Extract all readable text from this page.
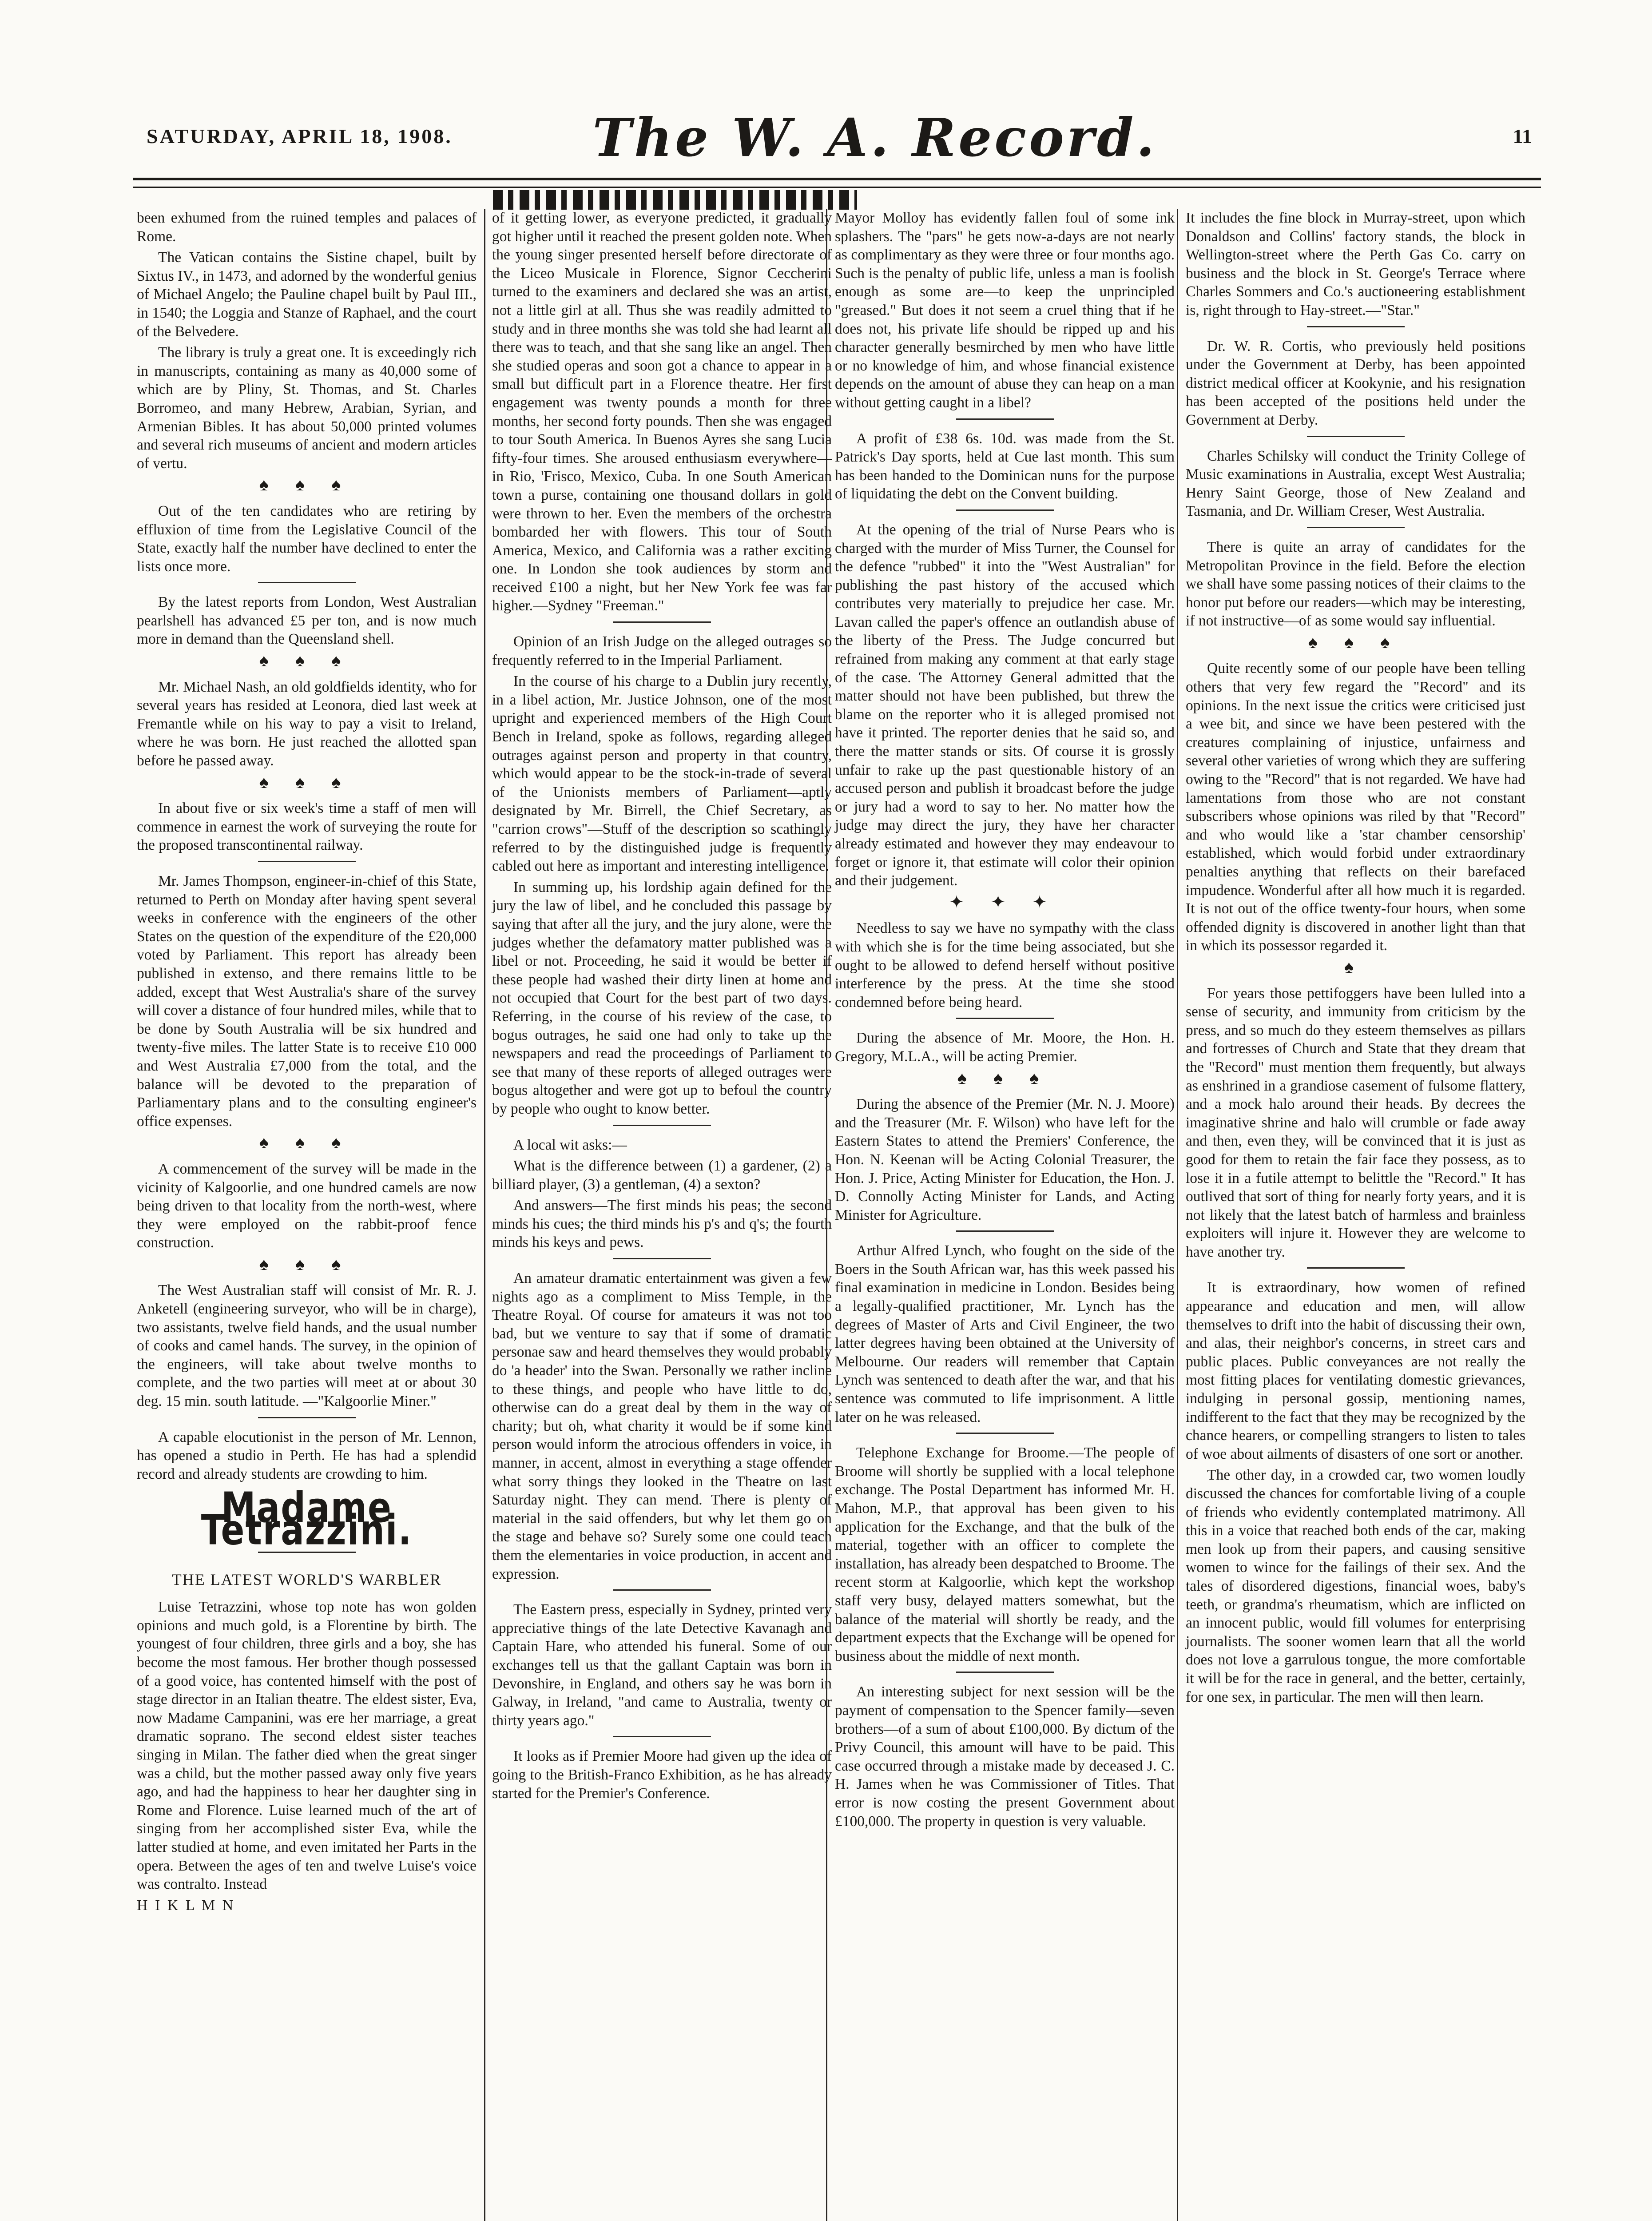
SATURDAY, APRIL 18, 1908.	The W. A. Record.	11

been exhumed from the ruined temples and palaces of Rome.

The Vatican contains the Sistine chapel, built by Sixtus IV., in 1473, and adorned by the wonderful genius of Michael Angelo; the Pauline chapel built by Paul III., in 1540; the Loggia and Stanze of Raphael, and the court of the Belvedere.

The library is truly a great one. It is exceedingly rich in manuscripts, containing as many as 40,000 some of which are by Pliny, St. Thomas, and St. Charles Borromeo, and many Hebrew, Arabian, Syrian, and Armenian Bibles. It has about 50,000 printed volumes and several rich museums of ancient and modern articles of vertu.

♠♠♠

Out of the ten candidates who are retiring by effluxion of time from the Legislative Council of the State, exactly half the number have declined to enter the lists once more.

By the latest reports from London, West Australian pearlshell has advanced £5 per ton, and is now much more in demand than the Queensland shell.

♠♠♠

Mr. Michael Nash, an old goldfields identity, who for several years has resided at Leonora, died last week at Fremantle while on his way to pay a visit to Ireland, where he was born. He just reached the allotted span before he passed away.

♠♠♠

In about five or six week's time a staff of men will commence in earnest the work of surveying the route for the proposed transcontinental railway.

Mr. James Thompson, engineer-in-chief of this State, returned to Perth on Monday after having spent several weeks in conference with the engineers of the other States on the question of the expenditure of the £20,000 voted by Parliament. This report has already been published in extenso, and there remains little to be added, except that West Australia's share of the survey will cover a distance of four hundred miles, while that to be done by South Australia will be six hundred and twenty-five miles. The latter State is to receive £10 000 and West Australia £7,000 from the total, and the balance will be devoted to the preparation of Parliamentary plans and to the consulting engineer's office expenses.

♠♠♠

A commencement of the survey will be made in the vicinity of Kalgoorlie, and one hundred camels are now being driven to that locality from the north-west, where they were employed on the rabbit-proof fence construction.

♠♠♠

The West Australian staff will consist of Mr. R. J. Anketell (engineering surveyor, who will be in charge), two assistants, twelve field hands, and the usual number of cooks and camel hands. The survey, in the opinion of the engineers, will take about twelve months to complete, and the two parties will meet at or about 30 deg. 15 min. south latitude. —"Kalgoorlie Miner."

A capable elocutionist in the person of Mr. Lennon, has opened a studio in Perth. He has had a splendid record and already students are crowding to him.

Madame Tetrazzini.
THE LATEST WORLD'S WARBLER

Luise Tetrazzini, whose top note has won golden opinions and much gold, is a Florentine by birth. The youngest of four children, three girls and a boy, she has become the most famous. Her brother though possessed of a good voice, has contented himself with the post of stage director in an Italian theatre. The eldest sister, Eva, now Madame Campanini, was ere her marriage, a great dramatic soprano. The second eldest sister teaches singing in Milan. The father died when the great singer was a child, but the mother passed away only five years ago, and had the happiness to hear her daughter sing in Rome and Florence. Luise learned much of the art of singing from her accomplished sister Eva, while the latter studied at home, and even imitated her Parts in the opera. Between the ages of ten and twelve Luise's voice was contralto. Instead

H I K L M N

of it getting lower, as everyone predicted, it gradually got higher until it reached the present golden note. When the young singer presented herself before directorate of the Liceo Musicale in Florence, Signor Ceccherini turned to the examiners and declared she was an artist, not a little girl at all. Thus she was readily admitted to study and in three months she was told she had learnt all there was to teach, and that she sang like an angel. Then she studied operas and soon got a chance to appear in a small but difficult part in a Florence theatre. Her first engagement was twenty pounds a month for three months, her second forty pounds. Then she was engaged to tour South America. In Buenos Ayres she sang Lucia fifty-four times. She aroused enthusiasm everywhere—in Rio, 'Frisco, Mexico, Cuba. In one South American town a purse, containing one thousand dollars in gold were thrown to her. Even the members of the orchestra bombarded her with flowers. This tour of South America, Mexico, and California was a rather exciting one. In London she took audiences by storm and received £100 a night, but her New York fee was far higher.—Sydney "Freeman."

Opinion of an Irish Judge on the alleged outrages so frequently referred to in the Imperial Parliament.

In the course of his charge to a Dublin jury recently, in a libel action, Mr. Justice Johnson, one of the most upright and experienced members of the High Court Bench in Ireland, spoke as follows, regarding alleged outrages against person and property in that country, which would appear to be the stock-in-trade of several of the Unionists members of Parliament—aptly designated by Mr. Birrell, the Chief Secretary, as "carrion crows"—Stuff of the description so scathingly referred to by the distinguished judge is frequently cabled out here as important and interesting intelligence.

In summing up, his lordship again defined for the jury the law of libel, and he concluded this passage by saying that after all the jury, and the jury alone, were the judges whether the defamatory matter published was a libel or not. Proceeding, he said it would be better if these people had washed their dirty linen at home and not occupied that Court for the best part of two days. Referring, in the course of his review of the case, to bogus outrages, he said one had only to take up the newspapers and read the proceedings of Parliament to see that many of these reports of alleged outrages were bogus altogether and were got up to befoul the country by people who ought to know better.

A local wit asks:—

What is the difference between (1) a gardener, (2) a billiard player, (3) a gentleman, (4) a sexton?

And answers—The first minds his peas; the second minds his cues; the third minds his p's and q's; the fourth minds his keys and pews.

An amateur dramatic entertainment was given a few nights ago as a compliment to Miss Temple, in the Theatre Royal. Of course for amateurs it was not too bad, but we venture to say that if some of dramatic personae saw and heard themselves they would probably do 'a header' into the Swan. Personally we rather incline to these things, and people who have little to do, otherwise can do a great deal by them in the way of charity; but oh, what charity it would be if some kind person would inform the atrocious offenders in voice, in manner, in accent, almost in everything a stage offender what sorry things they looked in the Theatre on last Saturday night. They can mend. There is plenty of material in the said offenders, but why let them go on the stage and behave so? Surely some one could teach them the elementaries in voice production, in accent and expression.

The Eastern press, especially in Sydney, printed very appreciative things of the late Detective Kavanagh and Captain Hare, who attended his funeral. Some of our exchanges tell us that the gallant Captain was born in Devonshire, in England, and others say he was born in Galway, in Ireland, "and came to Australia, twenty or thirty years ago."

It looks as if Premier Moore had given up the idea of going to the British-Franco Exhibition, as he has already started for the Premier's Conference.

Mayor Molloy has evidently fallen foul of some ink splashers. The "pars" he gets now-a-days are not nearly as complimentary as they were three or four months ago. Such is the penalty of public life, unless a man is foolish enough as some are—to keep the unprincipled "greased." But does it not seem a cruel thing that if he does not, his private life should be ripped up and his character generally besmirched by men who have little or no knowledge of him, and whose financial existence depends on the amount of abuse they can heap on a man without getting caught in a libel?

A profit of £38 6s. 10d. was made from the St. Patrick's Day sports, held at Cue last month. This sum has been handed to the Dominican nuns for the purpose of liquidating the debt on the Convent building.

At the opening of the trial of Nurse Pears who is charged with the murder of Miss Turner, the Counsel for the defence "rubbed" it into the "West Australian" for publishing the past history of the accused which contributes very materially to prejudice her case. Mr. Lavan called the paper's offence an outlandish abuse of the liberty of the Press. The Judge concurred but refrained from making any comment at that early stage of the case. The Attorney General admitted that the matter should not have been published, but threw the blame on the reporter who it is alleged promised not have it printed. The reporter denies that he said so, and there the matter stands or sits. Of course it is grossly unfair to rake up the past questionable history of an accused person and publish it broadcast before the judge or jury had a word to say to her. No matter how the judge may direct the jury, they have her character already estimated and however they may endeavour to forget or ignore it, that estimate will color their opinion and their judgement.

✦✦✦

Needless to say we have no sympathy with the class with which she is for the time being associated, but she ought to be allowed to defend herself without positive interference by the press. At the time she stood condemned before being heard.

During the absence of Mr. Moore, the Hon. H. Gregory, M.L.A., will be acting Premier.

♠♠♠

During the absence of the Premier (Mr. N. J. Moore) and the Treasurer (Mr. F. Wilson) who have left for the Eastern States to attend the Premiers' Conference, the Hon. N. Keenan will be Acting Colonial Treasurer, the Hon. J. Price, Acting Minister for Education, the Hon. J. D. Connolly Acting Minister for Lands, and Acting Minister for Agriculture.

Arthur Alfred Lynch, who fought on the side of the Boers in the South African war, has this week passed his final examination in medicine in London. Besides being a legally-qualified practitioner, Mr. Lynch has the degrees of Master of Arts and Civil Engineer, the two latter degrees having been obtained at the University of Melbourne. Our readers will remember that Captain Lynch was sentenced to death after the war, and that his sentence was commuted to life imprisonment. A little later on he was released.

Telephone Exchange for Broome.—The people of Broome will shortly be supplied with a local telephone exchange. The Postal Department has informed Mr. H. Mahon, M.P., that approval has been given to his application for the Exchange, and that the bulk of the material, together with an officer to complete the installation, has already been despatched to Broome. The recent storm at Kalgoorlie, which kept the workshop staff very busy, delayed matters somewhat, but the balance of the material will shortly be ready, and the department expects that the Exchange will be opened for business about the middle of next month.

An interesting subject for next session will be the payment of compensation to the Spencer family—seven brothers—of a sum of about £100,000. By dictum of the Privy Council, this amount will have to be paid. This case occurred through a mistake made by deceased J. C. H. James when he was Commissioner of Titles. That error is now costing the present Government about £100,000. The property in question is very valuable.

It includes the fine block in Murray-street, upon which Donaldson and Collins' factory stands, the block in Wellington-street where the Perth Gas Co. carry on business and the block in St. George's Terrace where Charles Sommers and Co.'s auctioneering establishment is, right through to Hay-street.—"Star."

Dr. W. R. Cortis, who previously held positions under the Government at Derby, has been appointed district medical officer at Kookynie, and his resignation has been accepted of the positions held under the Government at Derby.

Charles Schilsky will conduct the Trinity College of Music examinations in Australia, except West Australia; Henry Saint George, those of New Zealand and Tasmania, and Dr. William Creser, West Australia.

There is quite an array of candidates for the Metropolitan Province in the field. Before the election we shall have some passing notices of their claims to the honor put before our readers—which may be interesting, if not instructive—of as some would say influential.

♠♠♠

Quite recently some of our people have been telling others that very few regard the "Record" and its opinions. In the next issue the critics were criticised just a wee bit, and since we have been pestered with the creatures complaining of injustice, unfairness and several other varieties of wrong which they are suffering owing to the "Record" that is not regarded. We have had lamentations from those who are not constant subscribers whose opinions was riled by that "Record" and who would like a 'star chamber censorship' established, which would forbid under extraordinary penalties anything that reflects on their barefaced impudence. Wonderful after all how much it is regarded. It is not out of the office twenty-four hours, when some offended dignity is discovered in another light than that in which its possessor regarded it.

♠

For years those pettifoggers have been lulled into a sense of security, and immunity from criticism by the press, and so much do they esteem themselves as pillars and fortresses of Church and State that they dream that the "Record" must mention them frequently, but always as enshrined in a grandiose casement of fulsome flattery, and a mock halo around their heads. By decrees the imaginative shrine and halo will crumble or fade away and then, even they, will be convinced that it is just as good for them to retain the fair face they possess, as to lose it in a futile attempt to belittle the "Record." It has outlived that sort of thing for nearly forty years, and it is not likely that the latest batch of harmless and brainless exploiters will injure it. However they are welcome to have another try.

It is extraordinary, how women of refined appearance and education and men, will allow themselves to drift into the habit of discussing their own, and alas, their neighbor's concerns, in street cars and public places. Public conveyances are not really the most fitting places for ventilating domestic grievances, indulging in personal gossip, mentioning names, indifferent to the fact that they may be recognized by the chance hearers, or compelling strangers to listen to tales of woe about ailments of disasters of one sort or another.

The other day, in a crowded car, two women loudly discussed the chances for comfortable living of a couple of friends who evidently contemplated matrimony. All this in a voice that reached both ends of the car, making men look up from their papers, and causing sensitive women to wince for the failings of their sex. And the tales of disordered digestions, financial woes, baby's teeth, or grandma's rheumatism, which are inflicted on an innocent public, would fill volumes for enterprising journalists. The sooner women learn that all the world does not love a garrulous tongue, the more comfortable it will be for the race in general, and the better, certainly, for one sex, in particular. The men will then learn.
